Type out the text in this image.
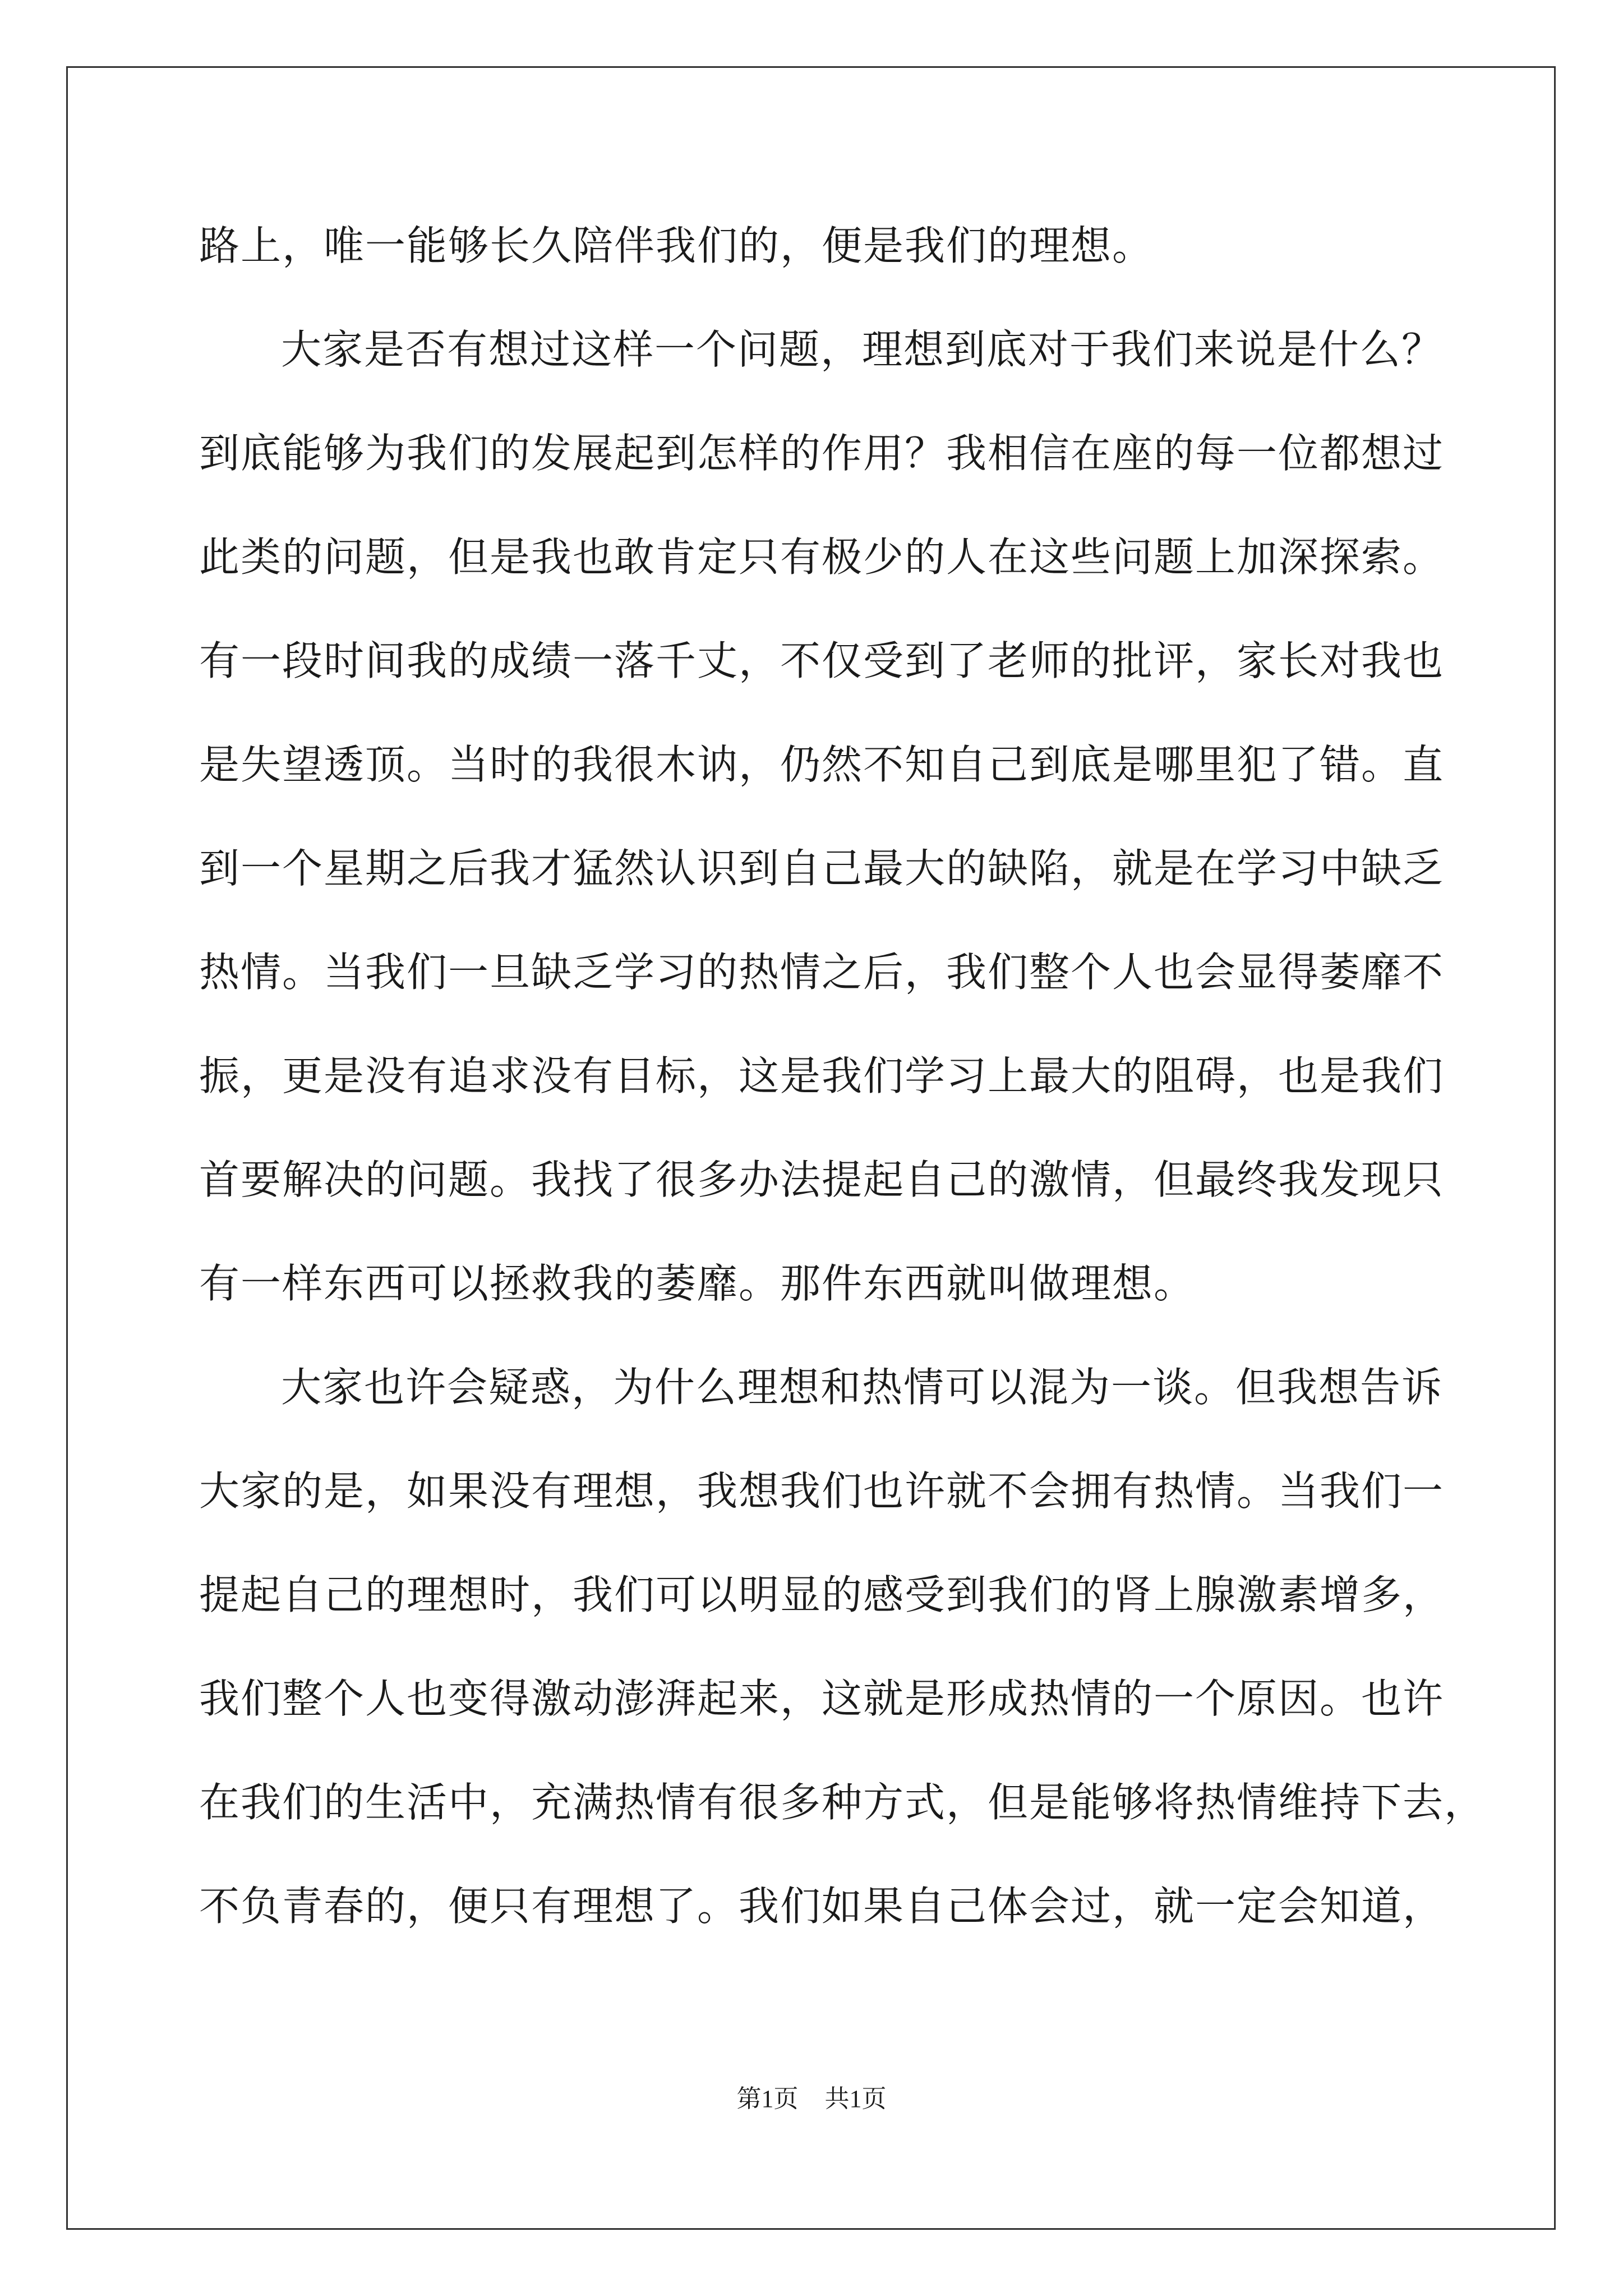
路上，唯一能够长久陪伴我们的，便是我们的理想。

大家是否有想过这样一个问题，理想到底对于我们来说是什么？

到底能够为我们的发展起到怎样的作用？我相信在座的每一位都想过

此类的问题，但是我也敢肯定只有极少的人在这些问题上加深探索。

有一段时间我的成绩一落千丈，不仅受到了老师的批评，家长对我也

是失望透顶。当时的我很木讷，仍然不知自己到底是哪里犯了错。直

到一个星期之后我才猛然认识到自己最大的缺陷，就是在学习中缺乏

热情。当我们一旦缺乏学习的热情之后，我们整个人也会显得萎靡不

振，更是没有追求没有目标，这是我们学习上最大的阻碍，也是我们

首要解决的问题。我找了很多办法提起自己的激情，但最终我发现只

有一样东西可以拯救我的萎靡。那件东西就叫做理想。

大家也许会疑惑，为什么理想和热情可以混为一谈。但我想告诉

大家的是，如果没有理想，我想我们也许就不会拥有热情。当我们一

提起自己的理想时，我们可以明显的感受到我们的肾上腺激素增多，

我们整个人也变得激动澎湃起来，这就是形成热情的一个原因。也许

在我们的生活中，充满热情有很多种方式，但是能够将热情维持下去，

不负青春的，便只有理想了。我们如果自己体会过，就一定会知道，

第1页 共1页
